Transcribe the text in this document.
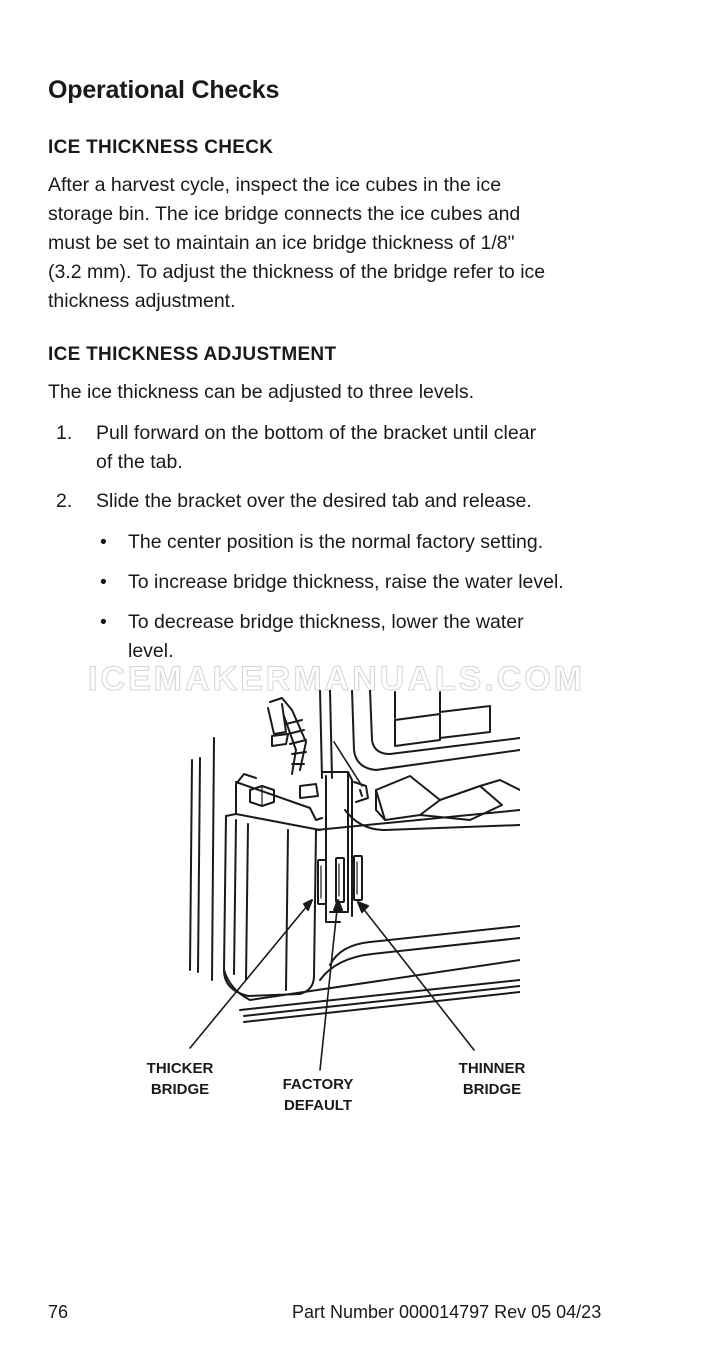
Operational Checks
ICE THICKNESS CHECK
After a harvest cycle, inspect the ice cubes in the ice
storage bin. The ice bridge connects the ice cubes and
must be set to maintain an ice bridge thickness of 1/8"
(3.2 mm). To adjust the thickness of the bridge refer to ice
thickness adjustment.
ICE THICKNESS ADJUSTMENT
The ice thickness can be adjusted to three levels.
1. Pull forward on the bottom of the bracket until clear
of the tab.
2. Slide the bracket over the desired tab and release.
• The center position is the normal factory setting.
• To increase bridge thickness, raise the water level.
• To decrease bridge thickness, lower the water
level.
ICEMAKERMANUALS.COM
THICKER
BRIDGE	FACTORY
DEFAULT
THINNER
BRIDGE
76	Part Number 000014797 Rev 05 04/23
